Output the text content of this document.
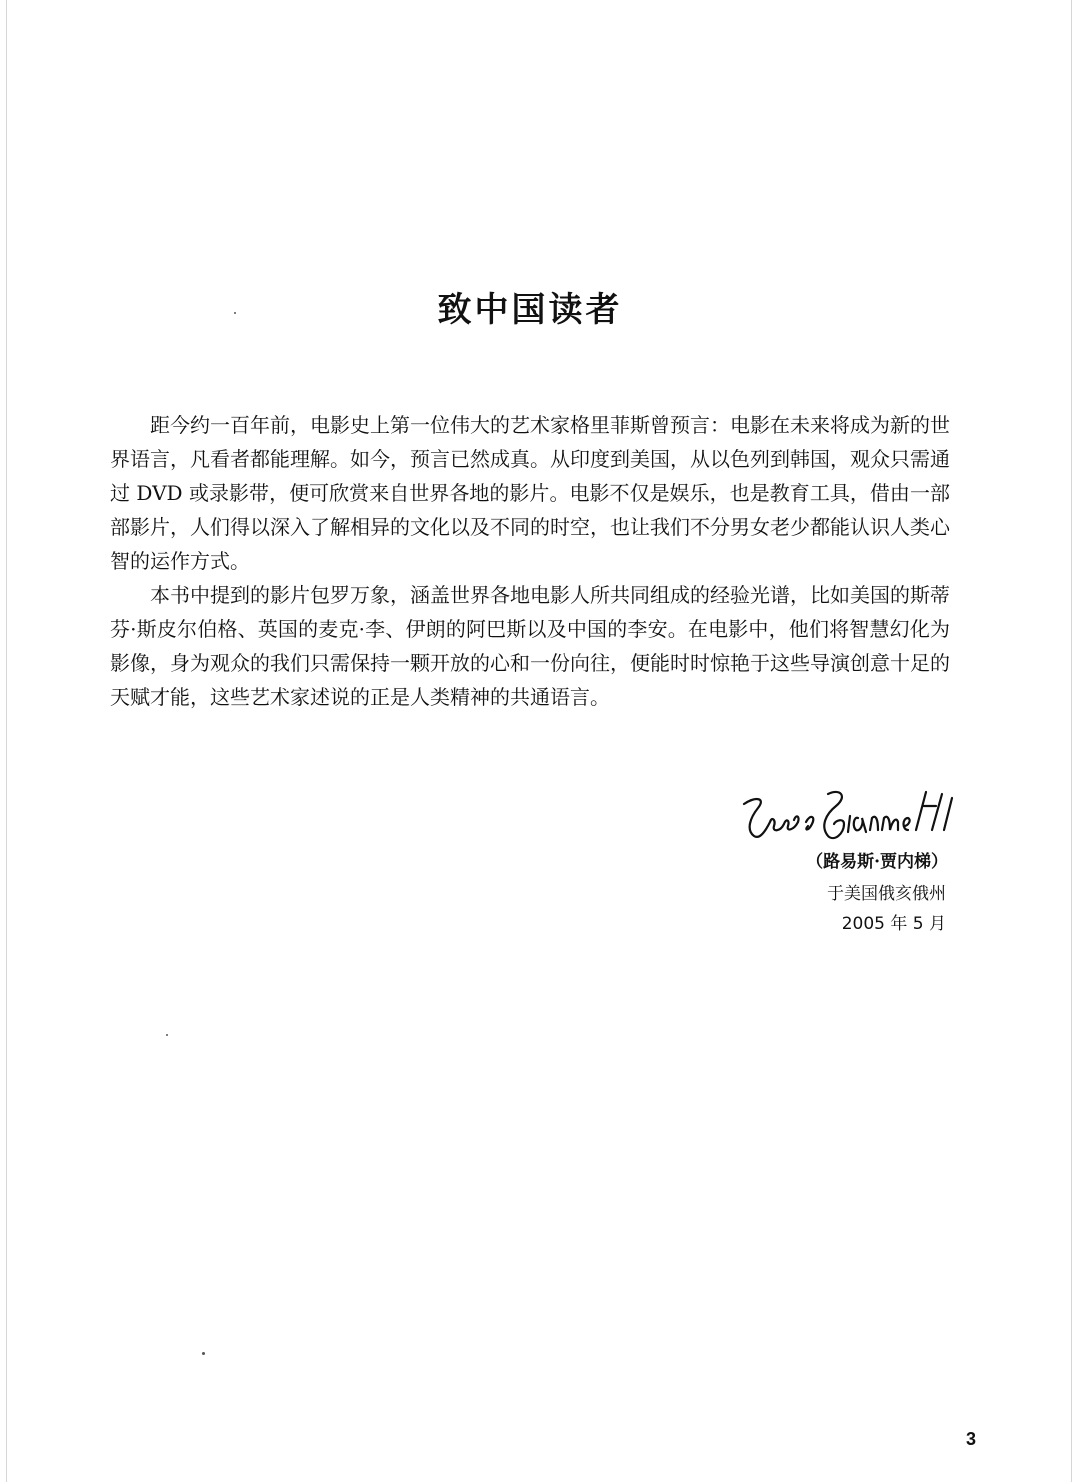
致中国读者

距今约一百年前，电影史上第一位伟大的艺术家格里菲斯曾预言：电影在未来将成为新的世界语言，凡看者都能理解。如今，预言已然成真。从印度到美国，从以色列到韩国，观众只需通过 DVD 或录影带，便可欣赏来自世界各地的影片。电影不仅是娱乐，也是教育工具，借由一部部影片，人们得以深入了解相异的文化以及不同的时空，也让我们不分男女老少都能认识人类心智的运作方式。

本书中提到的影片包罗万象，涵盖世界各地电影人所共同组成的经验光谱，比如美国的斯蒂芬·斯皮尔伯格、英国的麦克·李、伊朗的阿巴斯以及中国的李安。在电影中，他们将智慧幻化为影像，身为观众的我们只需保持一颗开放的心和一份向往，便能时时惊艳于这些导演创意十足的天赋才能，这些艺术家述说的正是人类精神的共通语言。

（路易斯·贾内梯）
于美国俄亥俄州
2005 年 5 月
3
